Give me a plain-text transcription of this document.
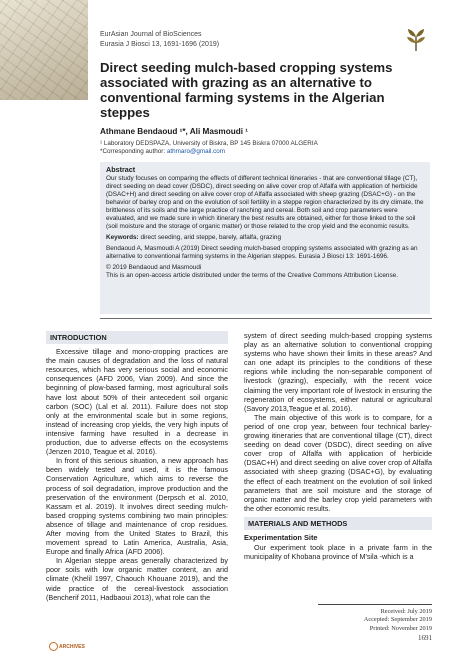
EurAsian Journal of BioSciences
Eurasia J Biosci 13, 1691-1696 (2019)
Direct seeding mulch-based cropping systems associated with grazing as an alternative to conventional farming systems in the Algerian steppes
Athmane Bendaoud ¹*, Ali Masmoudi ¹
¹ Laboratory DEDSPAZA, University of Biskra, BP 145 Biskra 07000 ALGERIA
*Corresponding author: athmaro@gmail.com
Abstract

Our study focuses on comparing the effects of different technical itineraries - that are conventional tillage (CT), direct seeding on dead cover (DSDC), direct seeding on alive cover crop of Alfalfa with application of herbicide (DSAC+H) and direct seeding on alive cover crop of Alfalfa associated with sheep grazing (DSAC+G) - on the behavior of barley crop and on the evolution of soil fertility in a steppe region characterized by its dry climate, the brittleness of its soils and the large practice of ranching and cereal. Both soil and crop parameters were evaluated, and we made sure in which itinerary the best results are obtained, either for those linked to the soil (soil moisture and the storage of organic matter) or those related to the crop yield and the economic results.

Keywords: direct seeding, arid steppe, barely, alfalfa, grazing

Bendaoud A, Masmoudi A (2019) Direct seeding mulch-based cropping systems associated with grazing as an alternative to conventional farming systems in the Algerian steppes. Eurasia J Biosci 13: 1691-1696.

© 2019 Bendaoud and Masmoudi

This is an open-access article distributed under the terms of the Creative Commons Attribution License.

INTRODUCTION

Excessive tillage and mono-cropping practices are the main causes of degradation and the loss of natural resources, which has very serious social and economic consequences (AFD 2006, Vian 2009). And since the beginning of plow-based farming, most agricultural soils have lost about 50% of their antecedent soil organic carbon (SOC) (Lal et al. 2011). Failure does not stop only at the environmental scale but in some regions, instead of increasing crop yields, the very high inputs of intensive farming have resulted in a decrease in production, due to adverse effects on the ecosystems (Jenzen 2010, Teague et al. 2016).

In front of this serious situation, a new approach has been widely tested and used, it is the famous Conservation Agriculture, which aims to reverse the process of soil degradation, improve production and the preservation of the environment (Derpsch et al. 2010, Kassam et al. 2019). It involves direct seeding mulch-based cropping systems combining two main principles: absence of tillage and maintenance of crop residues. After moving from the United States to Brazil, this movement spread to Latin America, Australia, Asia, Europe and finally Africa (AFD 2006).

In Algerian steppe areas generally characterized by poor soils with low organic matter content, an arid climate (Khelil 1997, Chaouch Khouane 2019), and the wide practice of the cereal-livestock association (Bencherif 2011, Hadbaoui 2013), what role can the

system of direct seeding mulch-based cropping systems play as an alternative solution to conventional cropping systems who have shown their limits in these areas? And can one adapt its principles to the conditions of these regions while including the non-separable component of livestock (grazing), especially, with the recent voice claiming the very important role of livestock in ensuring the regeneration of ecosystems, either natural or agricultural (Savory 2013,Teague et al. 2016).

The main objective of this work is to compare, for a period of one crop year, between four technical barley-growing itineraries that are conventional tillage (CT), direct seeding on dead cover (DSDC), direct seeding on alive cover crop of Alfalfa with application of herbicide (DSAC+H) and direct seeding on alive cover crop of Alfalfa associated with sheep grazing (DSAC+G), by evaluating the effect of each treatment on the evolution of soil linked parameters that are soil moisture and the storage of organic matter and the barley crop yield parameters with the other economic results.

MATERIALS AND METHODS
Experimentation Site

Our experiment took place in a private farm in the municipality of Khobana province of M'sila -which is a

Received: July 2019
Accepted: September 2019
Printed: November 2019
ARCHIVES
1691
